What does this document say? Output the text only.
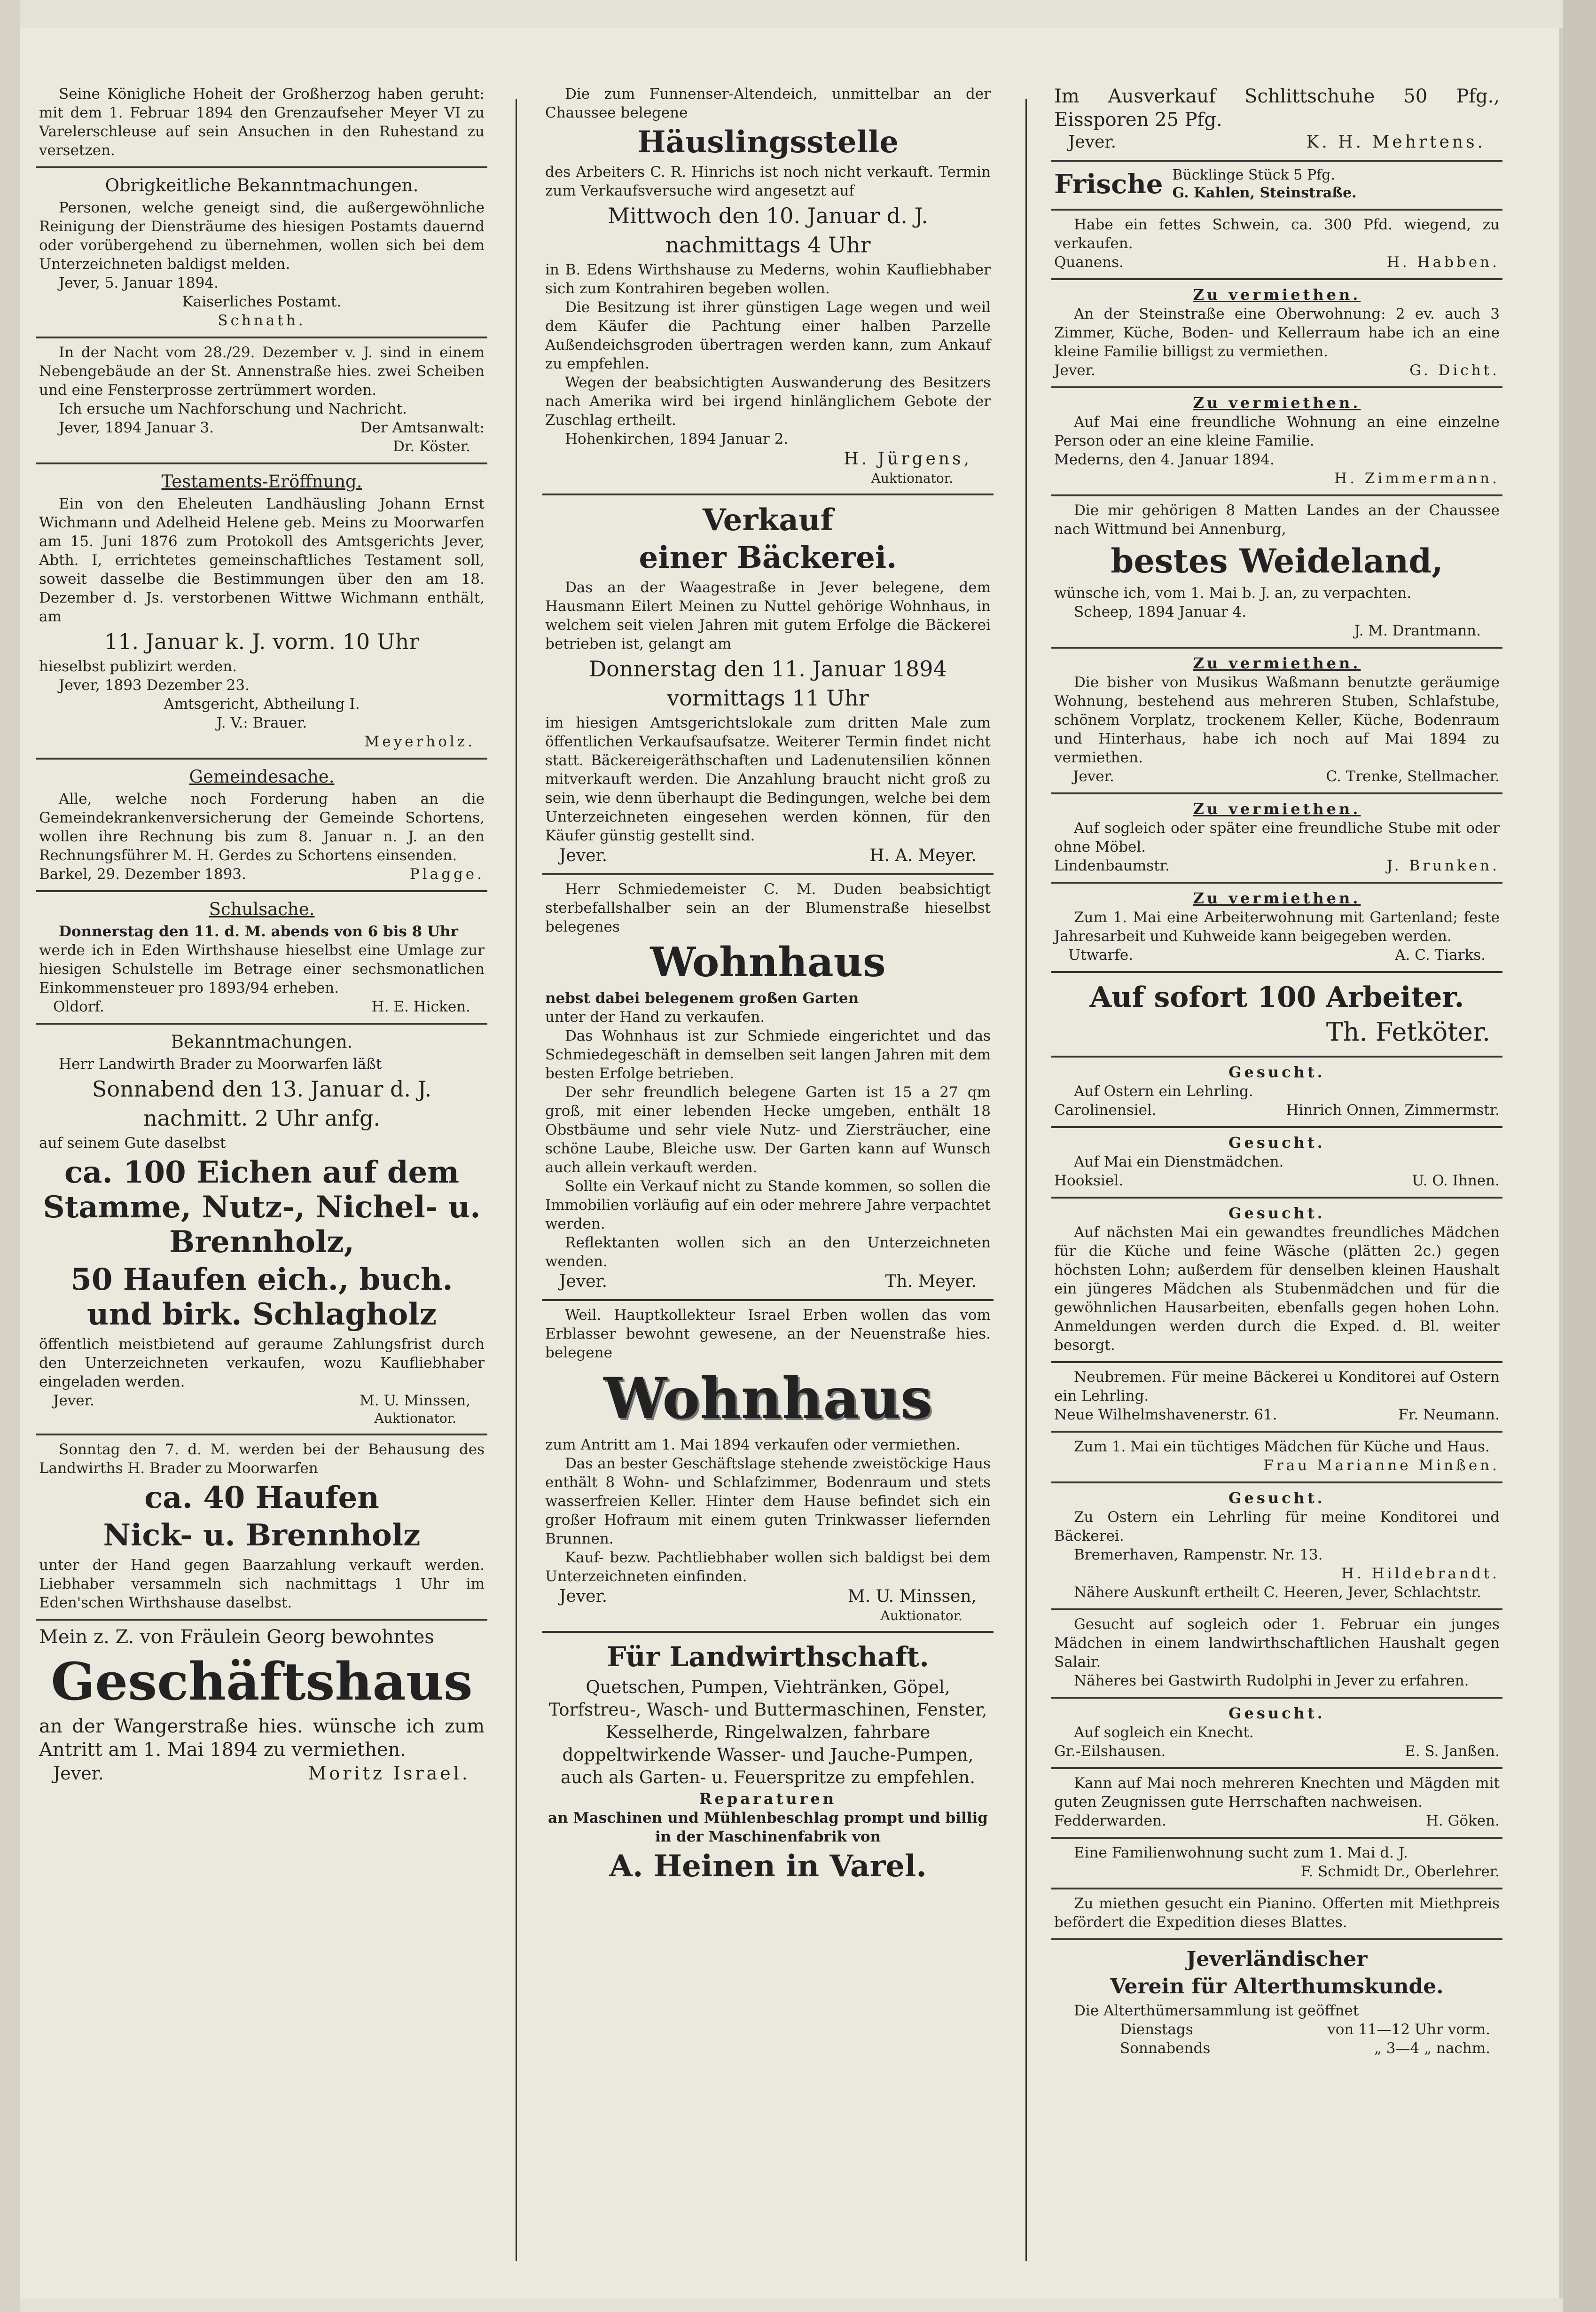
Seine Königliche Hoheit der Großherzog haben geruht: mit dem 1. Februar 1894 den Grenzaufseher Meyer VI zu Varelerschleuse auf sein Ansuchen in den Ruhestand zu versetzen.

Obrigkeitliche Bekanntmachungen.

Personen, welche geneigt sind, die außergewöhnliche Reinigung der Diensträume des hiesigen Postamts dauernd oder vorübergehend zu übernehmen, wollen sich bei dem Unterzeichneten baldigst melden.

Jever, 5. Januar 1894.

Kaiserliches Postamt.
Schnath.

In der Nacht vom 28./29. Dezember v. J. sind in einem Nebengebäude an der St. Annenstraße hies. zwei Scheiben und eine Fensterprosse zertrümmert worden.

Ich ersuche um Nachforschung und Nachricht.

Jever, 1894 Januar 3.	Der Amtsanwalt:
Dr. Köster.
Testaments-Eröffnung.

Ein von den Eheleuten Landhäusling Johann Ernst Wichmann und Adelheid Helene geb. Meins zu Moorwarfen am 15. Juni 1876 zum Protokoll des Amtsgerichts Jever, Abth. I, errichtetes gemeinschaftliches Testament soll, soweit dasselbe die Bestimmungen über den am 18. Dezember d. Js. verstorbenen Wittwe Wichmann enthält, am

11. Januar k. J. vorm. 10 Uhr

hieselbst publizirt werden.

Jever, 1893 Dezember 23.

Amtsgericht, Abtheilung I.
J. V.: Brauer.
Meyerholz.
Gemeindesache.

Alle, welche noch Forderung haben an die Gemeindekrankenversicherung der Gemeinde Schortens, wollen ihre Rechnung bis zum 8. Januar n. J. an den Rechnungsführer M. H. Gerdes zu Schortens einsenden.

Barkel, 29. Dezember 1893.	Plagge.
Schulsache.

Donnerstag den 11. d. M. abends von 6 bis 8 Uhr

werde ich in Eden Wirthshause hieselbst eine Umlage zur hiesigen Schulstelle im Betrage einer sechsmonatlichen Einkommensteuer pro 1893/94 erheben.

Oldorf.	H. E. Hicken.
Bekanntmachungen.

Herr Landwirth Brader zu Moorwarfen läßt

Sonnabend den 13. Januar d. J.
nachmitt. 2 Uhr anfg.

auf seinem Gute daselbst

ca. 100 Eichen auf dem Stamme, Nutz-, Nichel- u. Brennholz,
50 Haufen eich., buch. und birk. Schlagholz

öffentlich meistbietend auf geraume Zahlungsfrist durch den Unterzeichneten verkaufen, wozu Kaufliebhaber eingeladen werden.

Jever.	M. U. Minssen,
Auktionator.

Sonntag den 7. d. M. werden bei der Behausung des Landwirths H. Brader zu Moorwarfen

ca. 40 Haufen
Nick- u. Brennholz

unter der Hand gegen Baarzahlung verkauft werden. Liebhaber versammeln sich nachmittags 1 Uhr im Eden'schen Wirthshause daselbst.

Mein z. Z. von Fräulein Georg bewohntes

Geschäftshaus

an der Wangerstraße hies. wünsche ich zum Antritt am 1. Mai 1894 zu vermiethen.

Jever.	Moritz Israel.

Die zum Funnenser-Altendeich, unmittelbar an der Chaussee belegene

Häuslingsstelle

des Arbeiters C. R. Hinrichs ist noch nicht verkauft. Termin zum Verkaufsversuche wird angesetzt auf

Mittwoch den 10. Januar d. J.
nachmittags 4 Uhr

in B. Edens Wirthshause zu Mederns, wohin Kaufliebhaber sich zum Kontrahiren begeben wollen.

Die Besitzung ist ihrer günstigen Lage wegen und weil dem Käufer die Pachtung einer halben Parzelle Außendeichsgroden übertragen werden kann, zum Ankauf zu empfehlen.

Wegen der beabsichtigten Auswanderung des Besitzers nach Amerika wird bei irgend hinlänglichem Gebote der Zuschlag ertheilt.

Hohenkirchen, 1894 Januar 2.

H. Jürgens,
Auktionator.
Verkauf
einer Bäckerei.

Das an der Waagestraße in Jever belegene, dem Hausmann Eilert Meinen zu Nuttel gehörige Wohnhaus, in welchem seit vielen Jahren mit gutem Erfolge die Bäckerei betrieben ist, gelangt am

Donnerstag den 11. Januar 1894
vormittags 11 Uhr

im hiesigen Amtsgerichtslokale zum dritten Male zum öffentlichen Verkaufsaufsatze. Weiterer Termin findet nicht statt. Bäckereigeräthschaften und Ladenutensilien können mitverkauft werden. Die Anzahlung braucht nicht groß zu sein, wie denn überhaupt die Bedingungen, welche bei dem Unterzeichneten eingesehen werden können, für den Käufer günstig gestellt sind.

Jever.	H. A. Meyer.

Herr Schmiedemeister C. M. Duden beabsichtigt sterbefallshalber sein an der Blumenstraße hieselbst belegenes

Wohnhaus

nebst dabei belegenem großen Garten

unter der Hand zu verkaufen.

Das Wohnhaus ist zur Schmiede eingerichtet und das Schmiedegeschäft in demselben seit langen Jahren mit dem besten Erfolge betrieben.

Der sehr freundlich belegene Garten ist 15 a 27 qm groß, mit einer lebenden Hecke umgeben, enthält 18 Obstbäume und sehr viele Nutz- und Ziersträucher, eine schöne Laube, Bleiche usw. Der Garten kann auf Wunsch auch allein verkauft werden.

Sollte ein Verkauf nicht zu Stande kommen, so sollen die Immobilien vorläufig auf ein oder mehrere Jahre verpachtet werden.

Reflektanten wollen sich an den Unterzeichneten wenden.

Jever.	Th. Meyer.

Weil. Hauptkollekteur Israel Erben wollen das vom Erblasser bewohnt gewesene, an der Neuenstraße hies. belegene

Wohnhaus

zum Antritt am 1. Mai 1894 verkaufen oder vermiethen.

Das an bester Geschäftslage stehende zweistöckige Haus enthält 8 Wohn- und Schlafzimmer, Bodenraum und stets wasserfreien Keller. Hinter dem Hause befindet sich ein großer Hofraum mit einem guten Trinkwasser liefernden Brunnen.

Kauf- bezw. Pachtliebhaber wollen sich baldigst bei dem Unterzeichneten einfinden.

Jever.	M. U. Minssen,
Auktionator.
Für Landwirthschaft.

Quetschen, Pumpen, Viehtränken, Göpel, Torfstreu-, Wasch- und Buttermaschinen, Fenster, Kesselherde, Ringelwalzen, fahrbare doppeltwirkende Wasser- und Jauche-Pumpen, auch als Garten- u. Feuerspritze zu empfehlen.

Reparaturen

an Maschinen und Mühlenbeschlag prompt und billig in der Maschinenfabrik von

A. Heinen in Varel.

Im Ausverkauf Schlittschuhe 50 Pfg., Eissporen 25 Pfg.

Jever.	K. H. Mehrtens.
Frische Bücklinge Stück 5 Pfg.
G. Kahlen, Steinstraße.

Habe ein fettes Schwein, ca. 300 Pfd. wiegend, zu verkaufen.

Quanens.	H. Habben.
Zu vermiethen.

An der Steinstraße eine Oberwohnung: 2 ev. auch 3 Zimmer, Küche, Boden- und Kellerraum habe ich an eine kleine Familie billigst zu vermiethen.

Jever.	G. Dicht.
Zu vermiethen.

Auf Mai eine freundliche Wohnung an eine einzelne Person oder an eine kleine Familie.

Mederns, den 4. Januar 1894.

H. Zimmermann.

Die mir gehörigen 8 Matten Landes an der Chaussee nach Wittmund bei Annenburg,

bestes Weideland,

wünsche ich, vom 1. Mai b. J. an, zu verpachten.

Scheep, 1894 Januar 4.

J. M. Drantmann.
Zu vermiethen.

Die bisher von Musikus Waßmann benutzte geräumige Wohnung, bestehend aus mehreren Stuben, Schlafstube, schönem Vorplatz, trockenem Keller, Küche, Bodenraum und Hinterhaus, habe ich noch auf Mai 1894 zu vermiethen.

Jever.	C. Trenke, Stellmacher.
Zu vermiethen.

Auf sogleich oder später eine freundliche Stube mit oder ohne Möbel.

Lindenbaumstr.	J. Brunken.
Zu vermiethen.

Zum 1. Mai eine Arbeiterwohnung mit Gartenland; feste Jahresarbeit und Kuhweide kann beigegeben werden.

Utwarfe.	A. C. Tiarks.
Auf sofort 100 Arbeiter.
Th. Fetköter.
Gesucht.

Auf Ostern ein Lehrling.

Carolinensiel.	Hinrich Onnen, Zimmermstr.
Gesucht.

Auf Mai ein Dienstmädchen.

Hooksiel.	U. O. Ihnen.
Gesucht.

Auf nächsten Mai ein gewandtes freundliches Mädchen für die Küche und feine Wäsche (plätten 2c.) gegen höchsten Lohn; außerdem für denselben kleinen Haushalt ein jüngeres Mädchen als Stubenmädchen und für die gewöhnlichen Hausarbeiten, ebenfalls gegen hohen Lohn. Anmeldungen werden durch die Exped. d. Bl. weiter besorgt.

Neubremen. Für meine Bäckerei u Konditorei auf Ostern ein Lehrling.

Neue Wilhelmshavenerstr. 61.	Fr. Neumann.

Zum 1. Mai ein tüchtiges Mädchen für Küche und Haus.

Frau Marianne Minßen.
Gesucht.

Zu Ostern ein Lehrling für meine Konditorei und Bäckerei.

Bremerhaven, Rampenstr. Nr. 13.

H. Hildebrandt.

Nähere Auskunft ertheilt C. Heeren, Jever, Schlachtstr.

Gesucht auf sogleich oder 1. Februar ein junges Mädchen in einem landwirthschaftlichen Haushalt gegen Salair.

Näheres bei Gastwirth Rudolphi in Jever zu erfahren.

Gesucht.

Auf sogleich ein Knecht.

Gr.-Eilshausen.	E. S. Janßen.

Kann auf Mai noch mehreren Knechten und Mägden mit guten Zeugnissen gute Herrschaften nachweisen.

Fedderwarden.	H. Göken.

Eine Familienwohnung sucht zum 1. Mai d. J.

F. Schmidt Dr., Oberlehrer.

Zu miethen gesucht ein Pianino. Offerten mit Miethpreis befördert die Expedition dieses Blattes.

Jeverländischer
Verein für Alterthumskunde.

Die Alterthümersammlung ist geöffnet

Dienstags	von 11—12 Uhr vorm.
Sonnabends	„ 3—4 „ nachm.
